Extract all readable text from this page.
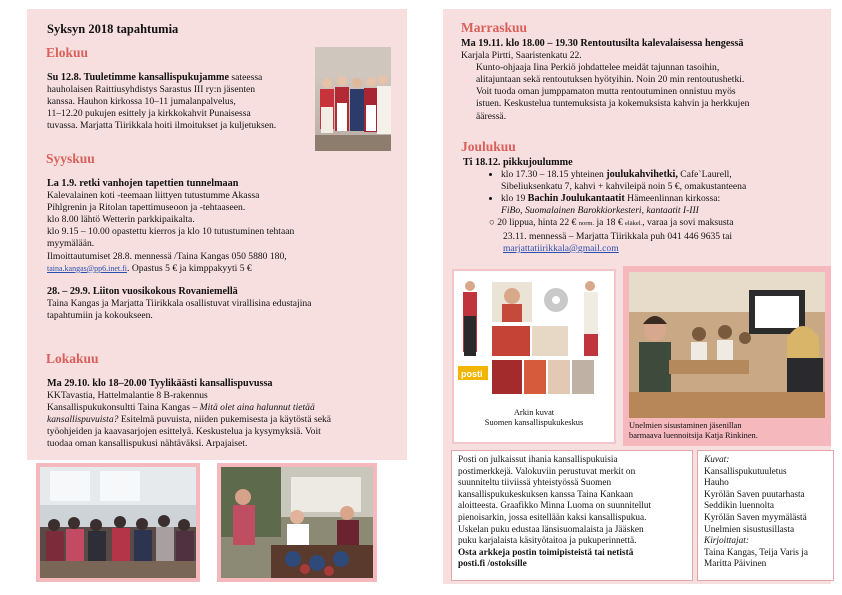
Syksyn 2018 tapahtumia
Elokuu
Su 12.8. Tuuletimme kansallispukujamme sateessa
hauholaisen Raittiusyhdistys Sarastus III ry:n jäsenten
kanssa. Hauhon kirkossa 10–11 jumalanpalvelus,
11–12.20 pukujen esittely ja kirkkokahvit Punaisessa
tuvassa. Marjatta Tiirikkala hoiti ilmoitukset ja kuljetuksen.
Syyskuu
La 1.9. retki vanhojen tapettien tunnelmaan
Kalevalainen koti -teemaan liittyen tutustumme Akassa
Pihlgrenin ja Ritolan tapettimuseoon ja -tehtaaseen.
klo 8.00 lähtö Wetterin parkkipaikalta.
klo 9.15 – 10.00 opastettu kierros ja klo 10 tutustuminen tehtaan
myymälään.
Ilmoittautumiset 28.8. mennessä /Taina Kangas 050 5880 180,
taina.kangas@pp6.inet.fi. Opastus 5 € ja kimppakyyti 5 €
28. – 29.9. Liiton vuosikokous Rovaniemellä
Taina Kangas ja Marjatta Tiirikkala osallistuvat virallisina edustajina
tapahtumiin ja kokoukseen.
Lokakuu
Ma 29.10. klo 18–20.00 Tyylikäästi kansallispuvussa
KKTavastia, Hattelmalantie 8 B-rakennus
Kansallispukukonsultti Taina Kangas – Mitä olet aina halunnut tietää
kansallispuvuista? Esitelmä puvuista, niiden pukemisesta ja käytöstä sekä
työohjeiden ja kaavasarjojen esittelyä. Keskustelua ja kysymyksiä. Voit
tuodaa oman kansallispukusi nähtäväksi. Arpajaiset.
Marraskuu
Ma 19.11. klo 18.00 – 19.30 Rentoutusilta kalevalaisessa hengessä
Karjala Pirtti, Saaristenkatu 22.
Kunto-ohjaaja Iina Perkiö johdattelee meidät tajunnan tasoihin,
alitajuntaan sekä rentoutuksen hyötyihin. Noin 20 min rentoutushetki.
Voit tuoda oman jumppamaton mutta rentoutuminen onnistuu myös
istuen. Keskustelua tuntemuksista ja kokemuksista kahvin ja herkkujen
ääressä.
Joulukuu
Ti 18.12. pikkujoulumme
• klo 17.30 – 18.15 yhteinen joulukahvihetki, Cafe`Laurell,
Sibeliuksenkatu 7, kahvi + kahvileipä noin 5 €, omakustanteena
• klo 19 Bachin Joulukantaatit Hämeenlinnan kirkossa:
FiBo, Suomalainen Barokkiorkesteri, kantaatit I-III
○ 20 lippua, hinta 22 € norm. ja 18 € eläkel., varaa ja sovi maksusta
23.11. mennessä – Marjatta Tiirikkala puh 041 446 9635 tai
marjattatiirikkala@gmail.com
posti
Arkin kuvat
Suomen kansallispukukeskus	Unelmien sisustaminen jäsenillan
barmaava luennoitsija Katja Rinkinen.
Posti on julkaissut ihania kansallispukuisia
postimerkkejä. Valokuviin perustuvat merkit on
suunniteltu tiiviissä yhteistyössä Suomen
kansallispukukeskuksen kanssa Taina Kankaan
aloitteesta. Graafikko Minna Luoma on suunnitellut
pienoisarkin, jossa esitellään kaksi kansallispukua.
Uskelan puku edustaa länsisuomalaista ja Jääsken
puku karjalaista käsityötaitoa ja pukuperinnettä.
Osta arkkeja postin toimipisteistä tai netistä
posti.fi /ostoksille
Kuvat:
Kansallispukutuuletus
Hauho
Kyrölän Saven puutarhasta
Seddikin luennolta
Kyrölän Saven myymälästä
Unelmien sisustusillasta
Kirjoittajat:
Taina Kangas, Teija Varis ja
Maritta Päivinen
